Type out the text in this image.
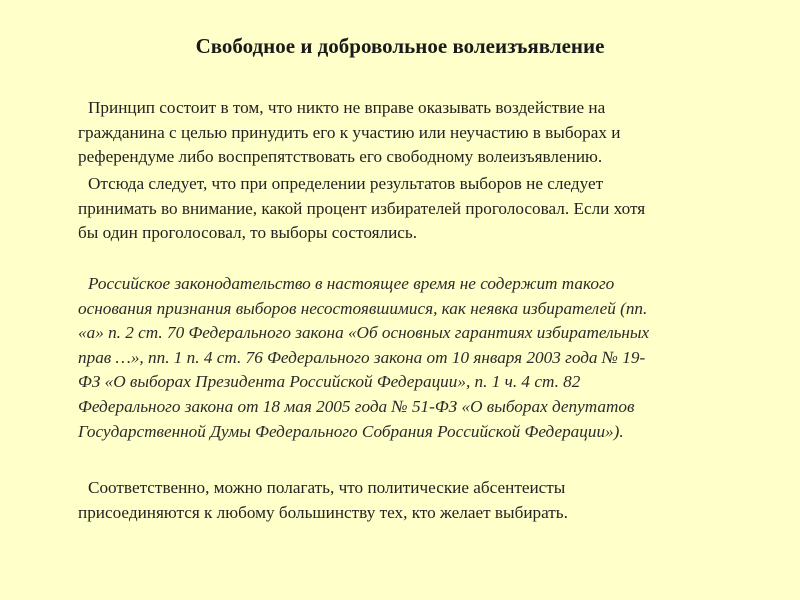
Свободное и добровольное волеизъявление

Принцип состоит в том, что никто не вправе оказывать воздействие на
гражданина с целью принудить его к участию или неучастию в выборах и
референдуме либо воспрепятствовать его свободному волеизъявлению.

Отсюда следует, что при определении результатов выборов не следует
принимать во внимание, какой процент избирателей проголосовал. Если хотя
бы один проголосовал, то выборы состоялись.

Российское законодательство в настоящее время не содержит такого
основания признания выборов несостоявшимися, как неявка избирателей (пп.
«а» п. 2 ст. 70 Федерального закона «Об основных гарантиях избирательных
прав …», пп. 1 п. 4 ст. 76 Федерального закона от 10 января 2003 года № 19-
ФЗ «О выборах Президента Российской Федерации», п. 1 ч. 4 ст. 82
Федерального закона от 18 мая 2005 года № 51-ФЗ «О выборах депутатов
Государственной Думы Федерального Собрания Российской Федерации»).

Соответственно, можно полагать, что политические абсентеисты
присоединяются к любому большинству тех, кто желает выбирать.
